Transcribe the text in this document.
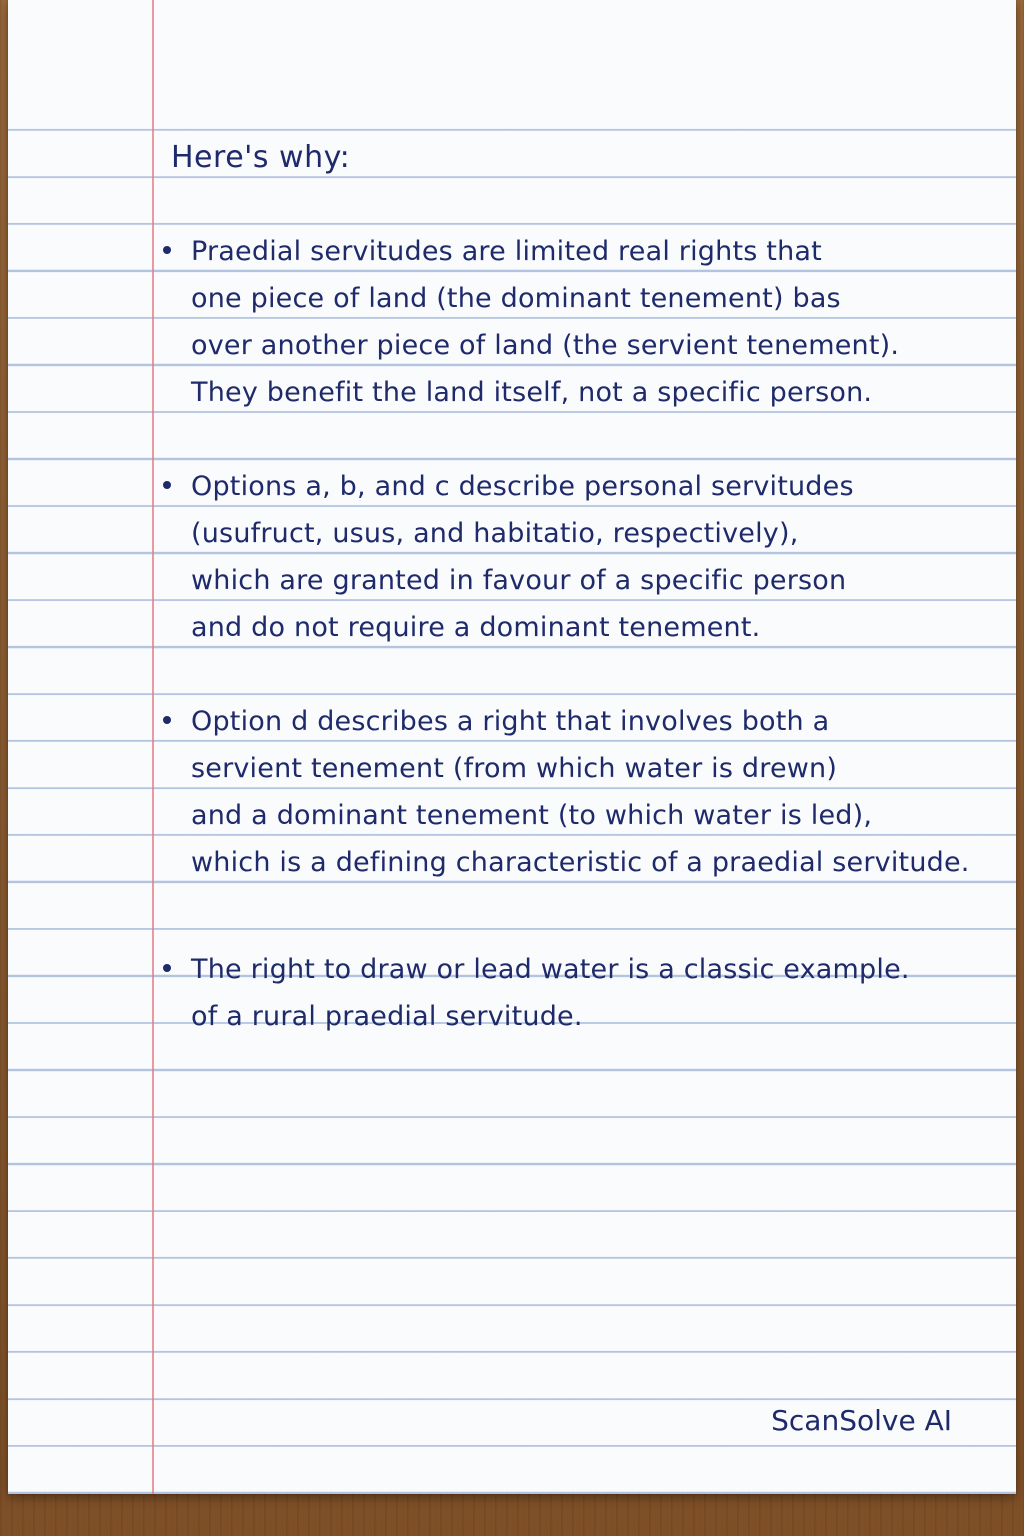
Here's why:
Praedial servitudes are limited real rights that
one piece of land (the dominant tenement) bas
over another piece of land (the servient tenement).
They benefit the land itself, not a specific person.
Options a, b, and c describe personal servitudes
(usufruct, usus, and habitatio, respectively),
which are granted in favour of a specific person
and do not require a dominant tenement.
Option d describes a right that involves both a
servient tenement (from which water is drewn)
and a dominant tenement (to which water is led),
which is a defining characteristic of a praedial servitude.
The right to draw or lead water is a classic example.
of a rural praedial servitude.
ScanSolve AI
